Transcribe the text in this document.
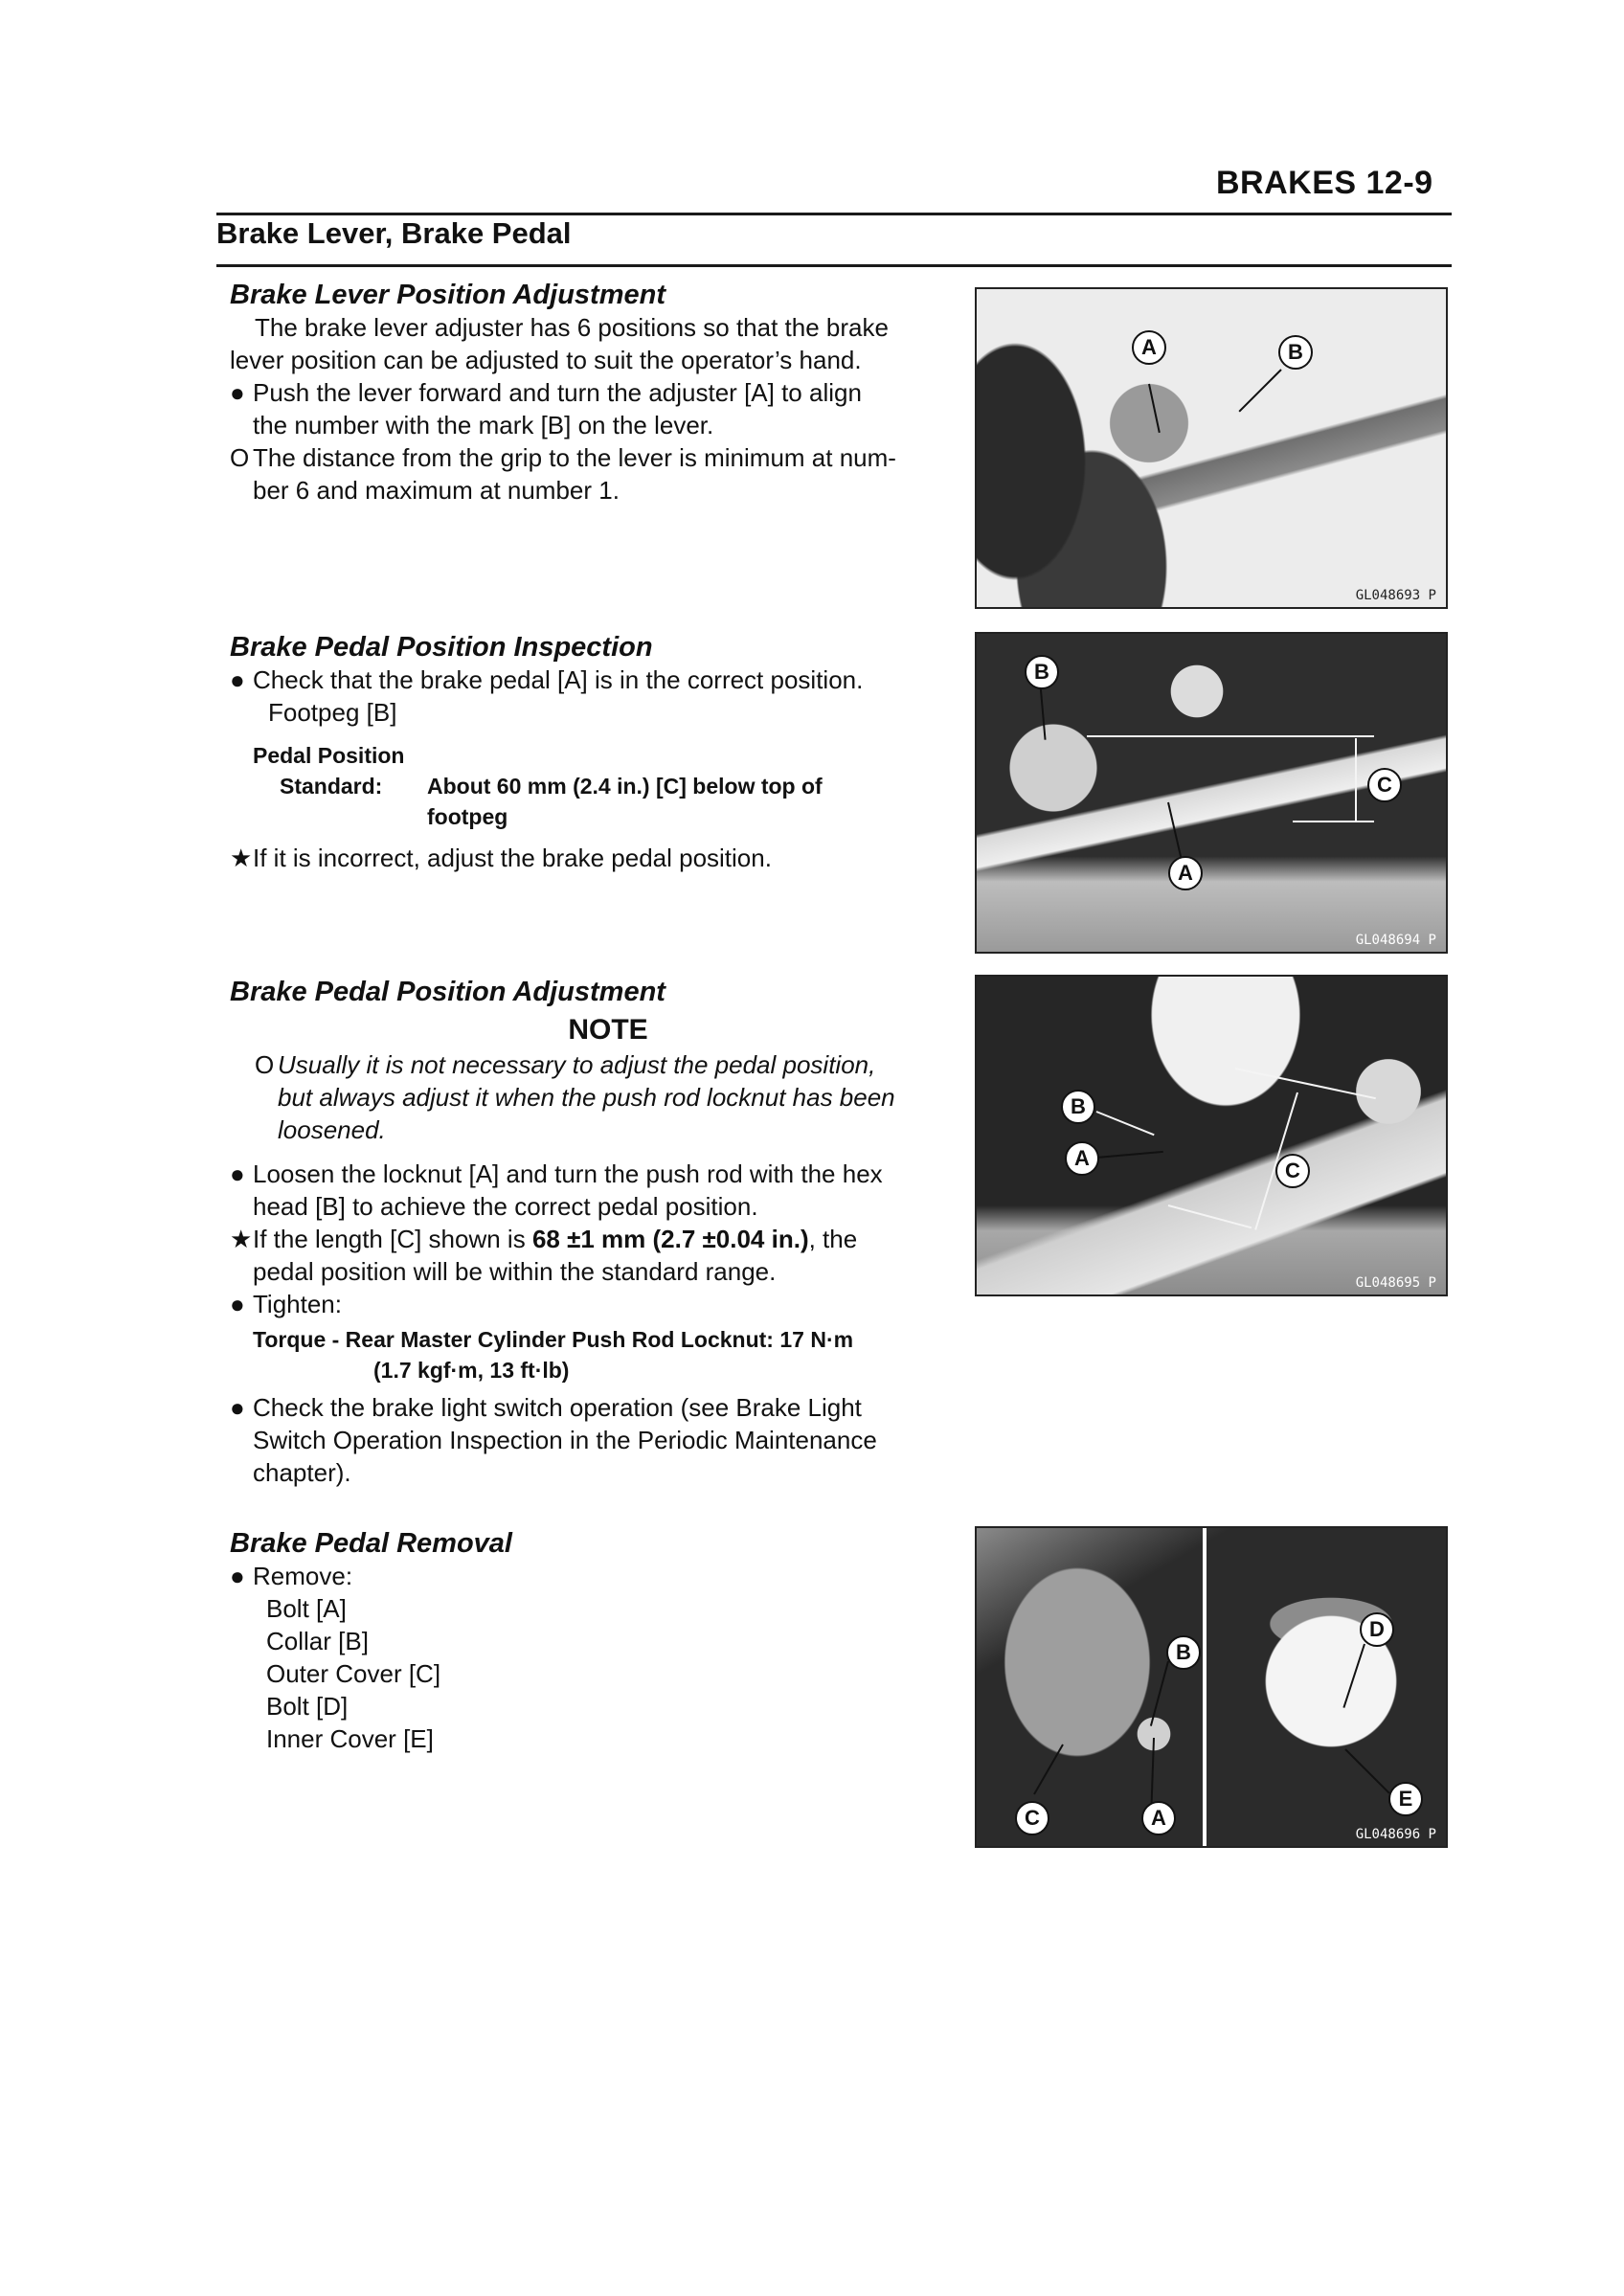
BRAKES 12-9
Brake Lever, Brake Pedal
Brake Lever Position Adjustment
The brake lever adjuster has 6 positions so that the brake
lever position can be adjusted to suit the operator’s hand.
● Push the lever forward and turn the adjuster [A] to align
the number with the mark [B] on the lever.
O The distance from the grip to the lever is minimum at num-
ber 6 and maximum at number 1.
A	B
GL048693 P
Brake Pedal Position Inspection
● Check that the brake pedal [A] is in the correct position.
Footpeg [B]
Pedal Position
Standard:	About 60 mm (2.4 in.) [C] below top of
footpeg
★ If it is incorrect, adjust the brake pedal position.
B
C
A
GL048694 P
Brake Pedal Position Adjustment
NOTE
O Usually it is not necessary to adjust the pedal position,
but always adjust it when the push rod locknut has been
loosened.
● Loosen the locknut [A] and turn the push rod with the hex
head [B] to achieve the correct pedal position.
★ If the length [C] shown is 68 ±1 mm (2.7 ±0.04 in.), the
pedal position will be within the standard range.
● Tighten:
Torque - Rear Master Cylinder Push Rod Locknut: 17 N·m
(1.7 kgf·m, 13 ft·lb)
● Check the brake light switch operation (see Brake Light
Switch Operation Inspection in the Periodic Maintenance
chapter).
B
A
C
GL048695 P
Brake Pedal Removal
● Remove:
Bolt [A]
Collar [B]
Outer Cover [C]
Bolt [D]
Inner Cover [E]
B
C	A
D
E
GL048696 P
